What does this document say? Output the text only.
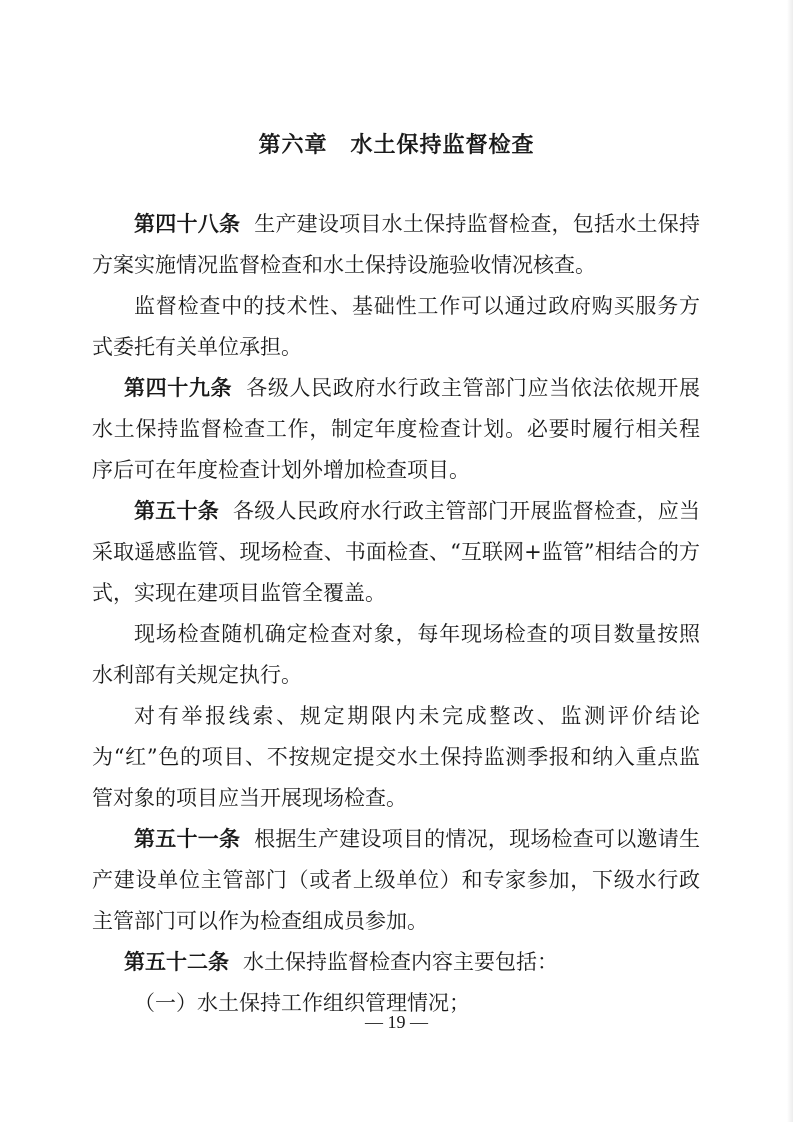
第六章　水土保持监督检查

第四十八条 生产建设项目水土保持监督检查，包括水土保持方案实施情况监督检查和水土保持设施验收情况核查。

监督检查中的技术性、基础性工作可以通过政府购买服务方式委托有关单位承担。

第四十九条 各级人民政府水行政主管部门应当依法依规开展水土保持监督检查工作，制定年度检查计划。必要时履行相关程序后可在年度检查计划外增加检查项目。

第五十条 各级人民政府水行政主管部门开展监督检查，应当采取遥感监管、现场检查、书面检查、“互联网+监管”相结合的方式，实现在建项目监管全覆盖。

现场检查随机确定检查对象，每年现场检查的项目数量按照水利部有关规定执行。

对有举报线索、规定期限内未完成整改、监测评价结论为“红”色的项目、不按规定提交水土保持监测季报和纳入重点监管对象的项目应当开展现场检查。

第五十一条 根据生产建设项目的情况，现场检查可以邀请生产建设单位主管部门（或者上级单位）和专家参加，下级水行政主管部门可以作为检查组成员参加。

第五十二条 水土保持监督检查内容主要包括：

（一）水土保持工作组织管理情况；

— 19 —
